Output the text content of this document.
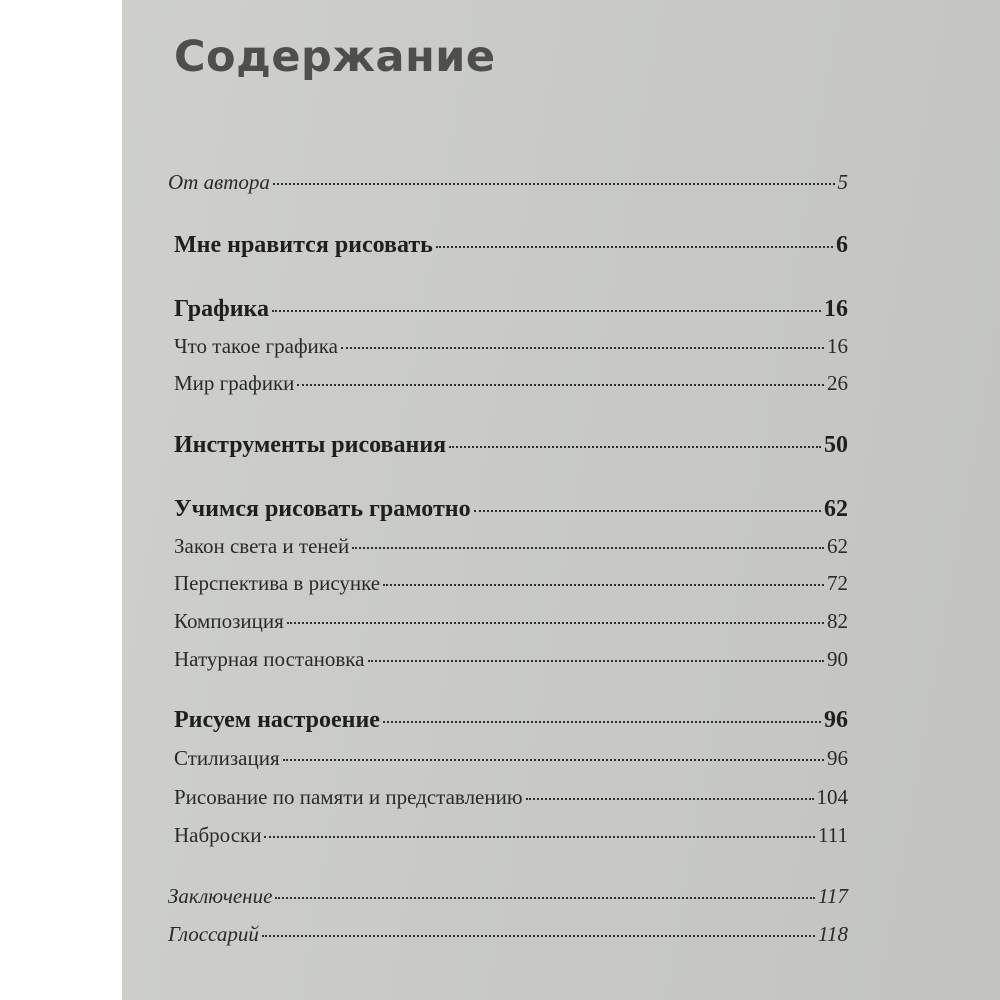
Содержание
От автора	5
Мне нравится рисовать	6
Графика	16
Что такое графика	16
Мир графики	26
Инструменты рисования	50
Учимся рисовать грамотно	62
Закон света и теней	62
Перспектива в рисунке	72
Композиция	82
Натурная постановка	90
Рисуем настроение	96
Стилизация	96
Рисование по памяти и представлению	104
Наброски	111
Заключение	117
Глоссарий	118
